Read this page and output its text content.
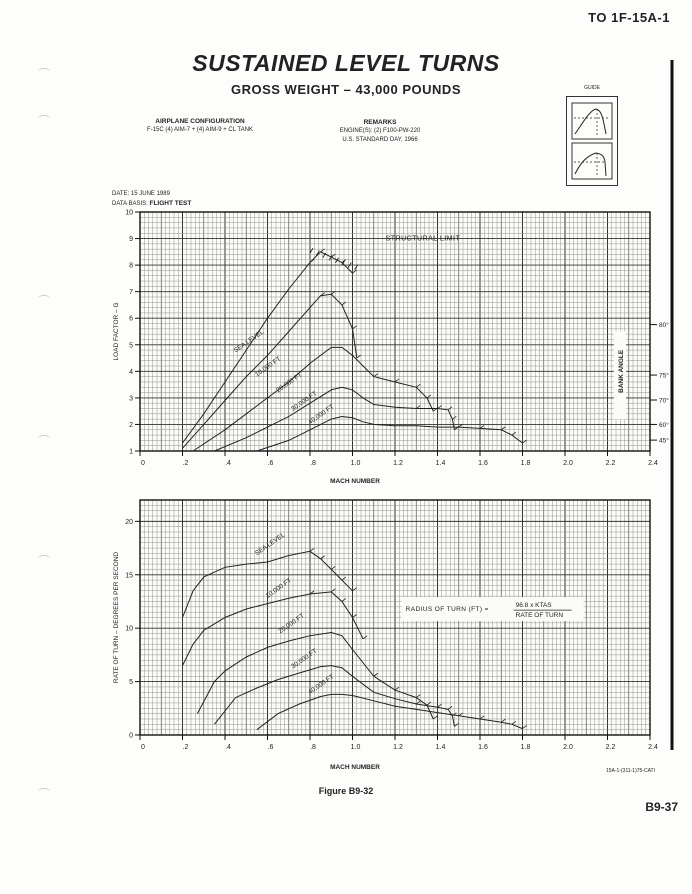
TO 1F-15A-1
SUSTAINED LEVEL TURNS
GROSS WEIGHT – 43,000 POUNDS
AIRPLANE CONFIGURATION
F-15C (4) AIM-7 + (4) AIM-9 + CL TANK
REMARKS
ENGINE(S): (2) F100-PW-220
U.S. STANDARD DAY, 1966
GUIDE
DATE: 15 JUNE 1989
DATA BASIS: FLIGHT TEST
0	.2	.4	.6	.8	1.0	1.2	1.4	1.6	1.8	2.0	2.2	2.4
1
2
3
4
5
6
7
8
9
10
MACH NUMBER
LOAD FACTOR – G	SEA LEVEL
10,000 FT
20,000 FT
30,000 FT
40,000 FT
STRUCTURAL LIMIT
BANK ANGLE
80°
75°
70°
60°
45°
0	.2	.4	.6	.8	1.0	1.2	1.4	1.6	1.8	2.0	2.2	2.4
0
5
10
15
20
MACH NUMBER
RATE OF TURN – DEGREES PER SECOND
SEA LEVEL
10,000 FT
20,000 FT
30,000 FT
40,000 FT
RADIUS OF TURN (FT) =
96.8 x KTAS
RATE OF TURN
Figure B9-32
B9-37
15A-1-(311-1)75-CATI
